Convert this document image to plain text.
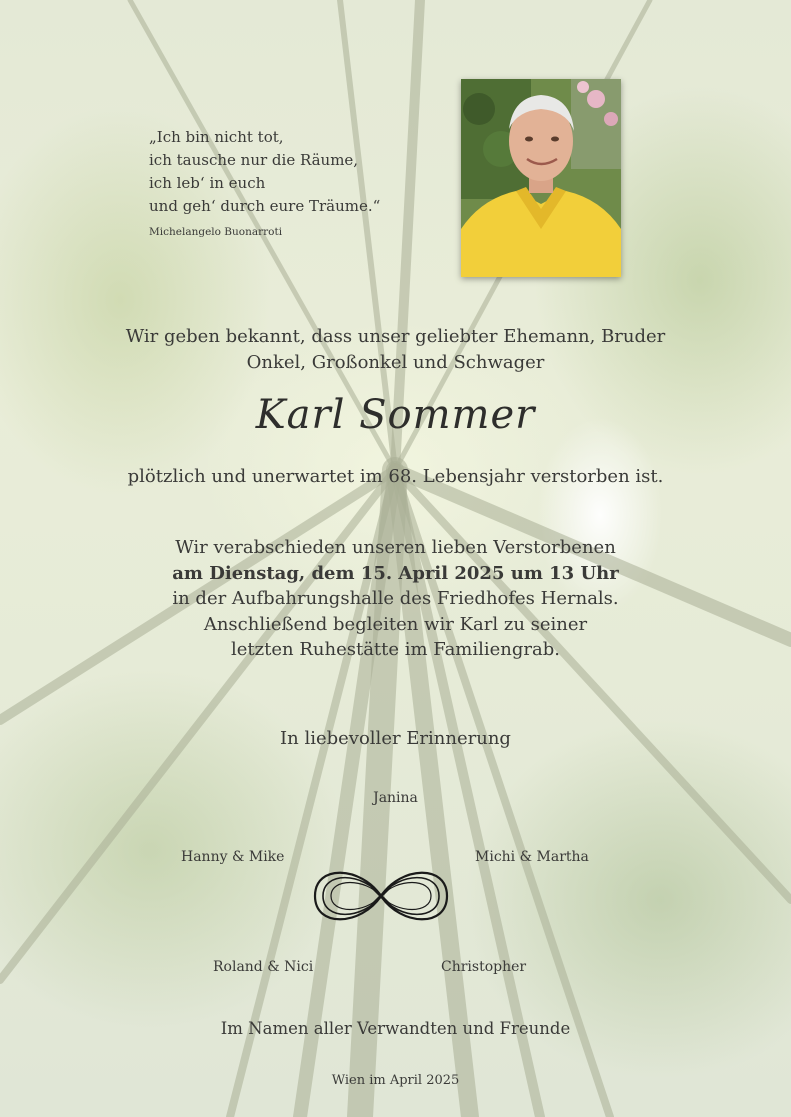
„Ich bin nicht tot,
ich tausche nur die Räume,
ich leb‘ in euch
und geh‘ durch eure Träume.“
Michelangelo Buonarroti
Wir geben bekannt, dass unser geliebter Ehemann, Bruder
Onkel, Großonkel und Schwager
Karl Sommer
plötzlich und unerwartet im 68. Lebensjahr verstorben ist.
Wir verabschieden unseren lieben Verstorbenen
am Dienstag, dem 15. April 2025 um 13 Uhr
in der Aufbahrungshalle des Friedhofes Hernals.
Anschließend begleiten wir Karl zu seiner
letzten Ruhestätte im Familiengrab.
In liebevoller Erinnerung
Janina
Hanny & Mike	Michi & Martha
Roland & Nici	Christopher
Im Namen aller Verwandten und Freunde
Wien im April 2025
